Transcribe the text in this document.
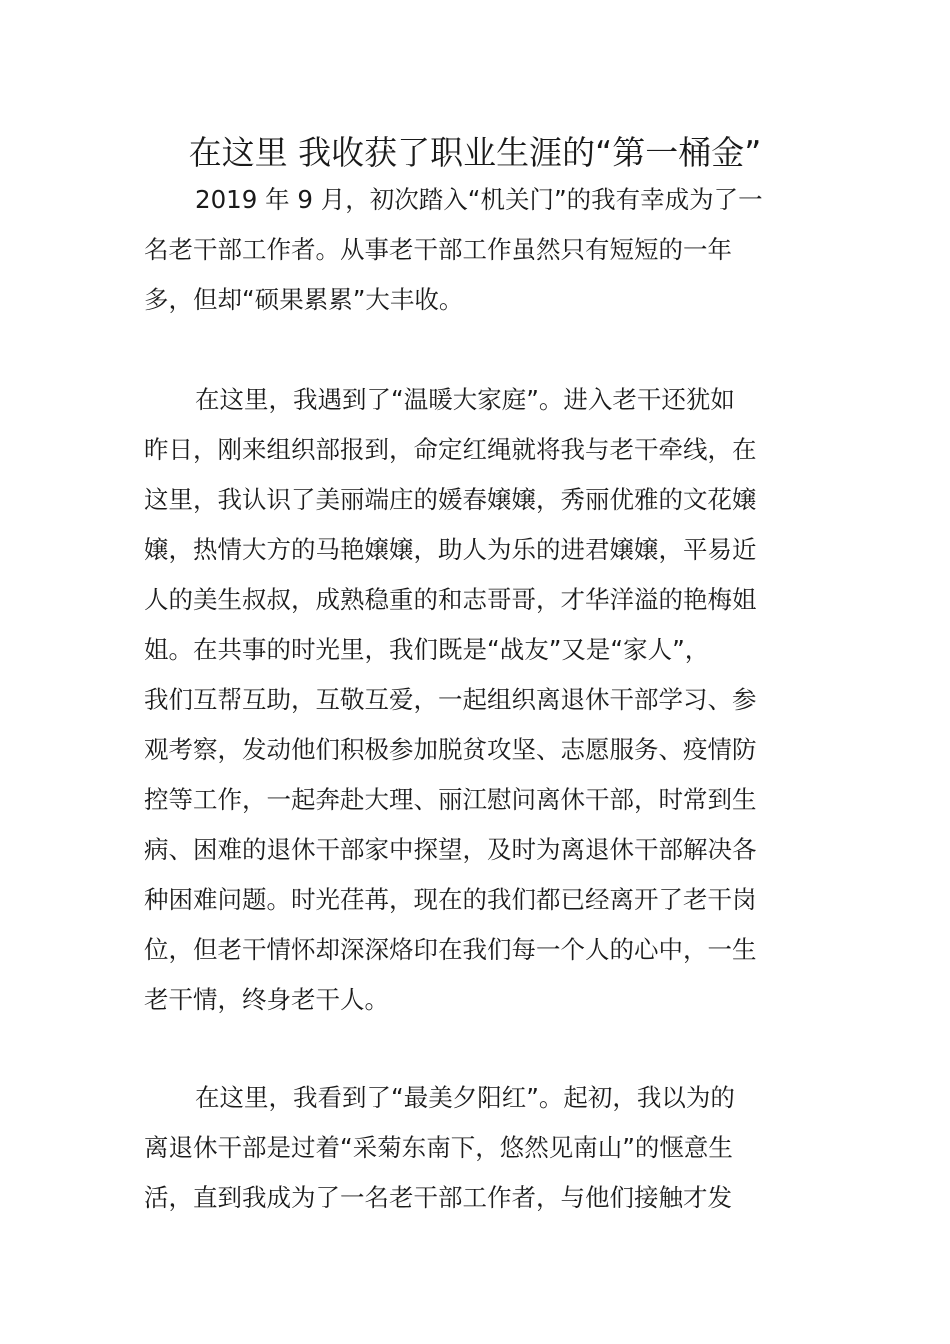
在这里 我收获了职业生涯的“第一桶金”

2019 年 9 月，初次踏入“机关门”的我有幸成为了一

名老干部工作者。从事老干部工作虽然只有短短的一年

多，但却“硕果累累”大丰收。

在这里，我遇到了“温暖大家庭”。进入老干还犹如

昨日，刚来组织部报到，命定红绳就将我与老干牵线，在

这里，我认识了美丽端庄的媛春嬢嬢，秀丽优雅的文花嬢

嬢，热情大方的马艳嬢嬢，助人为乐的进君嬢嬢，平易近

人的美生叔叔，成熟稳重的和志哥哥，才华洋溢的艳梅姐

姐。在共事的时光里，我们既是“战友”又是“家人”，

我们互帮互助，互敬互爱，一起组织离退休干部学习、参

观考察，发动他们积极参加脱贫攻坚、志愿服务、疫情防

控等工作，一起奔赴大理、丽江慰问离休干部，时常到生

病、困难的退休干部家中探望，及时为离退休干部解决各

种困难问题。时光荏苒，现在的我们都已经离开了老干岗

位，但老干情怀却深深烙印在我们每一个人的心中，一生

老干情，终身老干人。

在这里，我看到了“最美夕阳红”。起初，我以为的

离退休干部是过着“采菊东南下，悠然见南山”的惬意生

活，直到我成为了一名老干部工作者，与他们接触才发
